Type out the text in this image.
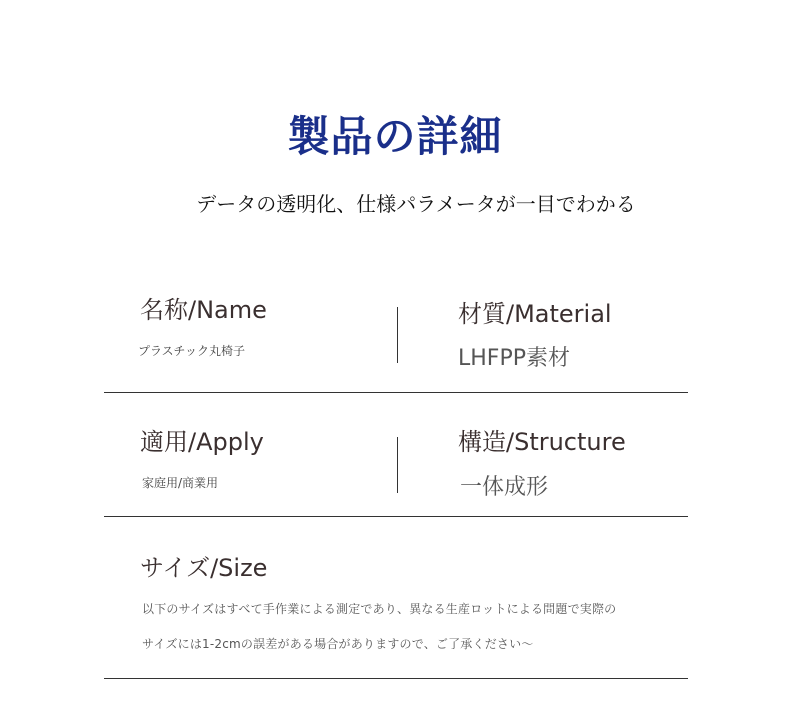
製品の詳細
データの透明化、仕様パラメータが一目でわかる
名称/Name
プラスチック丸椅子
材質/Material
LHFPP素材
適用/Apply
家庭用/商業用
構造/Structure
一体成形
サイズ/Size
以下のサイズはすべて手作業による測定であり、異なる生産ロットによる問題で実際の
サイズには1-2cmの誤差がある場合がありますので、ご了承ください～
